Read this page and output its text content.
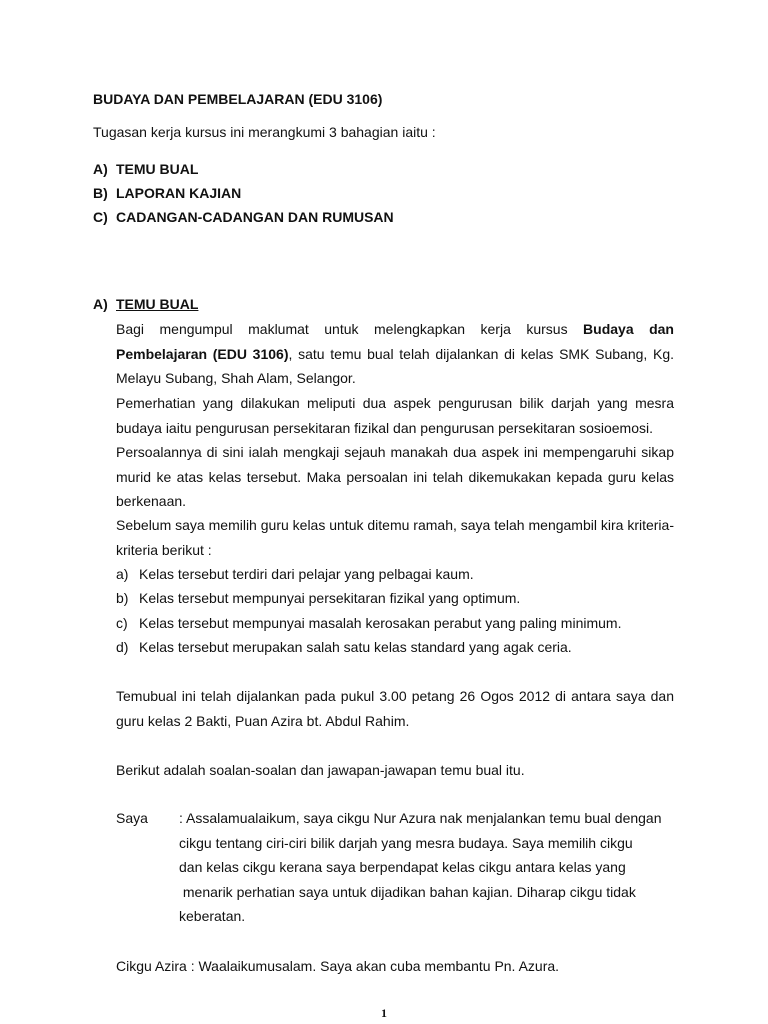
BUDAYA DAN PEMBELAJARAN (EDU 3106)
Tugasan kerja kursus ini merangkumi 3 bahagian iaitu :
A) TEMU BUAL
B) LAPORAN KAJIAN
C) CADANGAN-CADANGAN DAN RUMUSAN
A) TEMU BUAL
Bagi mengumpul maklumat untuk melengkapkan kerja kursus Budaya dan Pembelajaran (EDU 3106), satu temu bual telah dijalankan di kelas SMK Subang, Kg. Melayu Subang, Shah Alam, Selangor.
Pemerhatian yang dilakukan meliputi dua aspek pengurusan bilik darjah yang mesra budaya iaitu pengurusan persekitaran fizikal dan pengurusan persekitaran sosioemosi.
Persoalannya di sini ialah mengkaji sejauh manakah dua aspek ini mempengaruhi sikap murid ke atas kelas tersebut. Maka persoalan ini telah dikemukakan kepada guru kelas berkenaan.
Sebelum saya memilih guru kelas untuk ditemu ramah, saya telah mengambil kira kriteria-kriteria berikut :
a) Kelas tersebut terdiri dari pelajar yang pelbagai kaum.
b) Kelas tersebut mempunyai persekitaran fizikal yang optimum.
c) Kelas tersebut mempunyai masalah kerosakan perabut yang paling minimum.
d) Kelas tersebut merupakan salah satu kelas standard yang agak ceria.
Temubual ini telah dijalankan pada pukul 3.00 petang 26 Ogos 2012 di antara saya dan guru kelas 2 Bakti, Puan Azira bt. Abdul Rahim.
Berikut adalah soalan-soalan dan jawapan-jawapan temu bual itu.
Saya : Assalamualaikum, saya cikgu Nur Azura nak menjalankan temu bual dengan
cikgu tentang ciri-ciri bilik darjah yang mesra budaya. Saya memilih cikgu
dan kelas cikgu kerana saya berpendapat kelas cikgu antara kelas yang
menarik perhatian saya untuk dijadikan bahan kajian. Diharap cikgu tidak
keberatan.
Cikgu Azira : Waalaikumusalam. Saya akan cuba membantu Pn. Azura.
1
